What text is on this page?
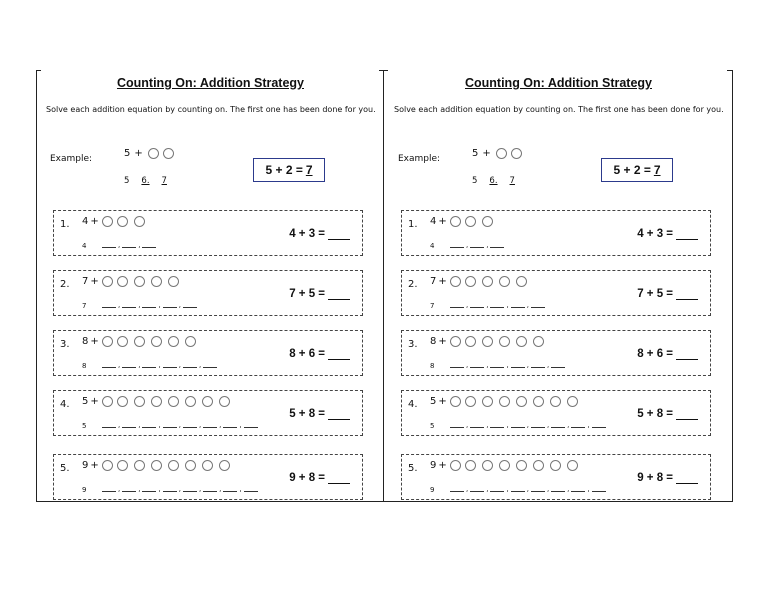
Counting On: Addition Strategy
Solve each addition equation by counting on. The first one has been done for you.
Example:	5 +
5 6. 7
5 + 2 = 7
1. 4 +
4	,	,
4 + 3 =
2. 7 +
7	,	,	,	,
7 + 5 =
3. 8 +
8	,	,	,	,	,
8 + 6 =
4. 5 +
5	,	,	,	,	,	,	,
5 + 8 =
5. 9 +
9	,	,	,	,	,	,	,
9 + 8 =
Counting On: Addition Strategy
Solve each addition equation by counting on. The first one has been done for you.
Example:	5 +
5 6. 7
5 + 2 = 7
1. 4 +
4	,	,
4 + 3 =
2. 7 +
7	,	,	,	,
7 + 5 =
3. 8 +
8	,	,	,	,	,
8 + 6 =
4. 5 +
5	,	,	,	,	,	,	,
5 + 8 =
5. 9 +
9	,	,	,	,	,	,	,
9 + 8 =
